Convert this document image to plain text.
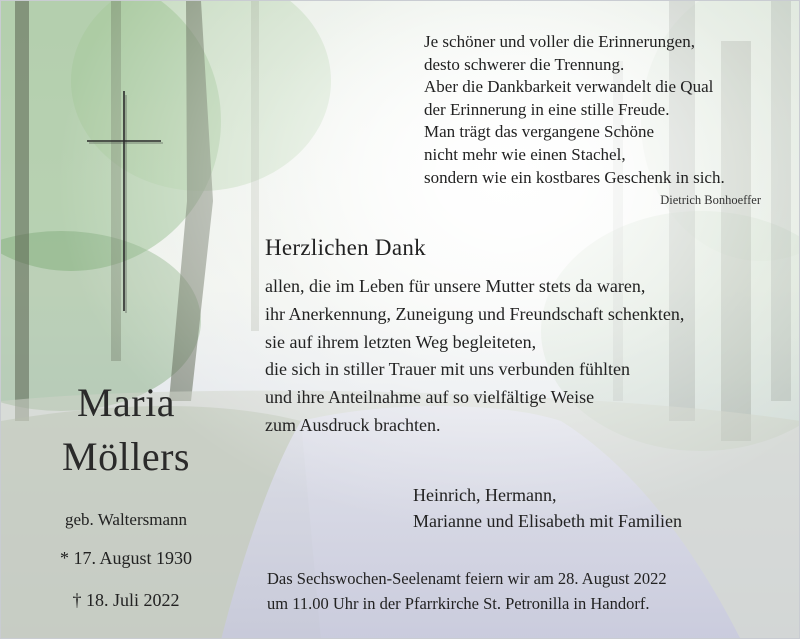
Je schöner und voller die Erinnerungen,
desto schwerer die Trennung.
Aber die Dankbarkeit verwandelt die Qual
der Erinnerung in eine stille Freude.
Man trägt das vergangene Schöne
nicht mehr wie einen Stachel,
sondern wie ein kostbares Geschenk in sich.
Dietrich Bonhoeffer
Herzlichen Dank
allen, die im Leben für unsere Mutter stets da waren,
ihr Anerkennung, Zuneigung und Freundschaft schenkten,
sie auf ihrem letzten Weg begleiteten,
die sich in stiller Trauer mit uns verbunden fühlten
und ihre Anteilnahme auf so vielfältige Weise
zum Ausdruck brachten.
Heinrich, Hermann,
Marianne und Elisabeth mit Familien
Das Sechswochen-Seelenamt feiern wir am 28. August 2022
um 11.00 Uhr in der Pfarrkirche St. Petronilla in Handorf.
Maria
Möllers
geb. Waltersmann
* 17. August 1930
† 18. Juli 2022
